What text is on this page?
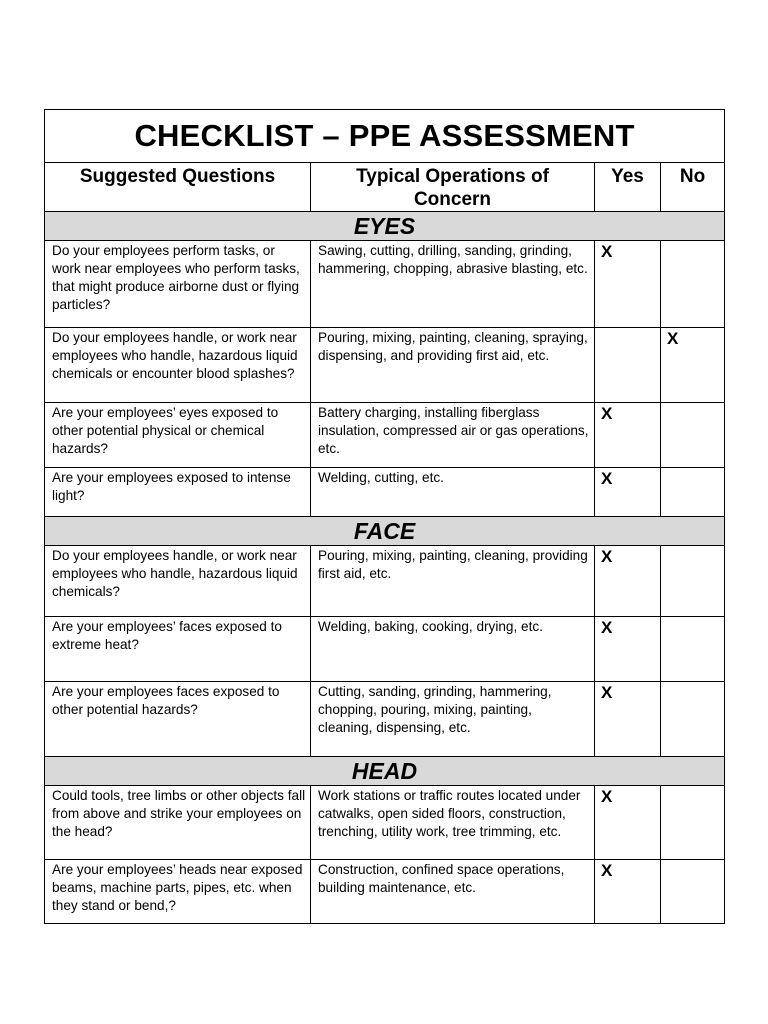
CHECKLIST – PPE ASSESSMENT			
Suggested Questions	Typical Operations of Concern	Yes	No
EYES			
Do your employees perform tasks, or work near employees who perform tasks, that might produce airborne dust or flying particles?	Sawing, cutting, drilling, sanding, grinding, hammering, chopping, abrasive blasting, etc.	X	
Do your employees handle, or work near employees who handle, hazardous liquid chemicals or encounter blood splashes?	Pouring, mixing, painting, cleaning, spraying, dispensing, and providing first aid, etc.		X
Are your employees’ eyes exposed to other potential physical or chemical hazards?	Battery charging, installing fiberglass insulation, compressed air or gas operations, etc.	X	
Are your employees exposed to intense light?	Welding, cutting, etc.	X	
FACE			
Do your employees handle, or work near employees who handle, hazardous liquid chemicals?	Pouring, mixing, painting, cleaning, providing first aid, etc.	X	
Are your employees’ faces exposed to extreme heat?	Welding, baking, cooking, drying, etc.	X	
Are your employees faces exposed to other potential hazards?	Cutting, sanding, grinding, hammering, chopping, pouring, mixing, painting, cleaning, dispensing, etc.	X	
HEAD			
Could tools, tree limbs or other objects fall from above and strike your employees on the head?	Work stations or traffic routes located under catwalks, open sided floors, construction, trenching, utility work, tree trimming, etc.	X	
Are your employees’ heads near exposed beams, machine parts, pipes, etc. when they stand or bend,?	Construction, confined space operations, building maintenance, etc.	X	
